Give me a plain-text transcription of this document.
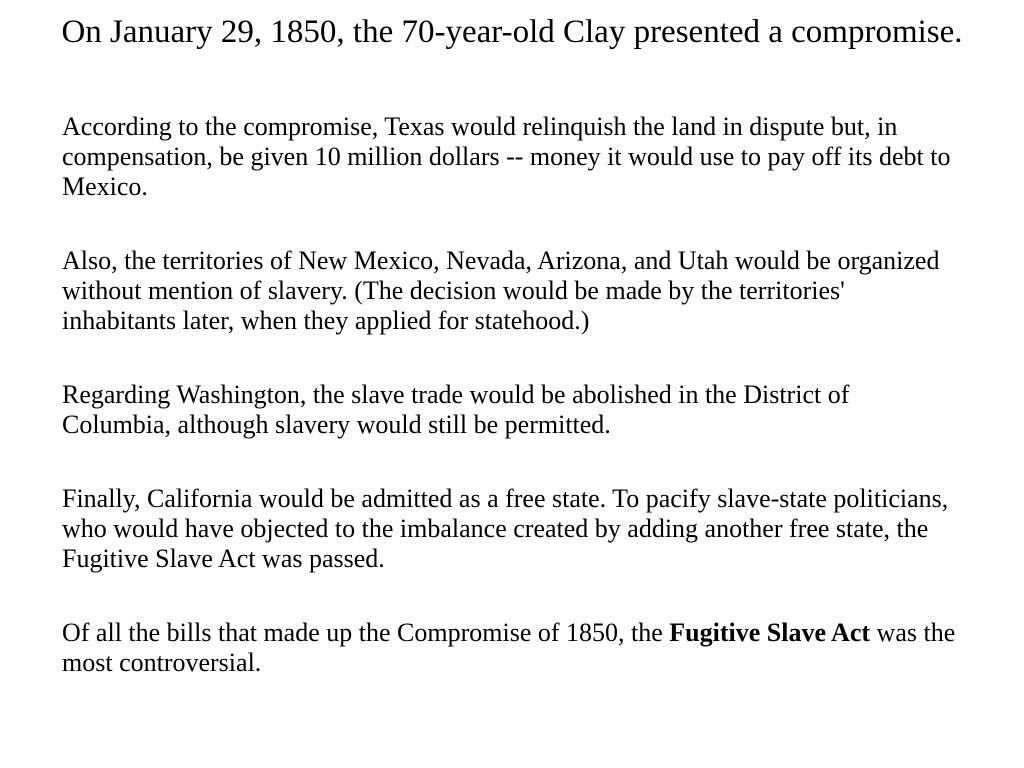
On January 29, 1850, the 70-year-old Clay presented a compromise.

According to the compromise, Texas would relinquish the land in dispute but, in compensation, be given 10 million dollars -- money it would use to pay off its debt to Mexico.

Also, the territories of New Mexico, Nevada, Arizona, and Utah would be organized without mention of slavery. (The decision would be made by the territories' inhabitants later, when they applied for statehood.)

Regarding Washington, the slave trade would be abolished in the District of Columbia, although slavery would still be permitted.

Finally, California would be admitted as a free state. To pacify slave-state politicians, who would have objected to the imbalance created by adding another free state, the Fugitive Slave Act was passed.

Of all the bills that made up the Compromise of 1850, the Fugitive Slave Act was the most controversial.
